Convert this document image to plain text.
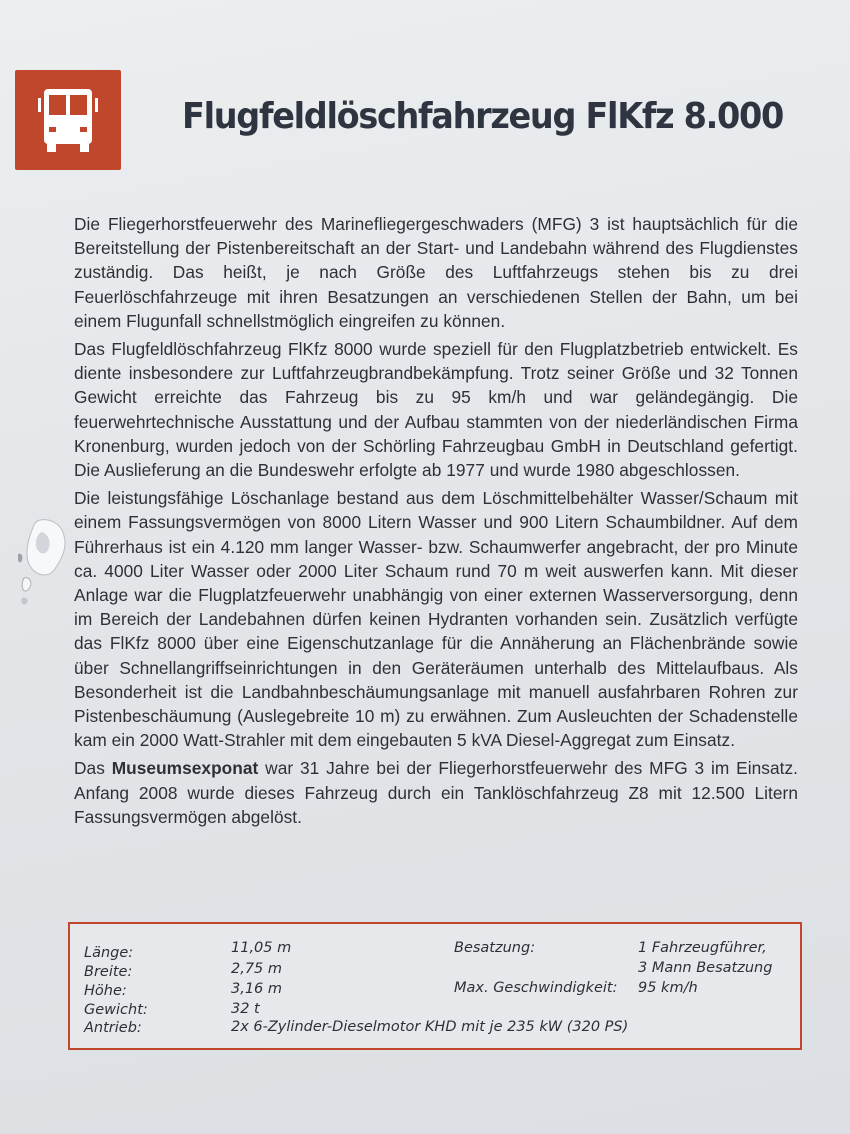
Flugfeldlöschfahrzeug FlKfz 8.000

Die Fliegerhorstfeuerwehr des Marinefliegergeschwaders (MFG) 3 ist hauptsächlich für die Bereitstellung der Pistenbereitschaft an der Start- und Landebahn während des Flugdienstes zuständig. Das heißt, je nach Größe des Luftfahrzeugs stehen bis zu drei Feuerlöschfahrzeuge mit ihren Besatzungen an verschiedenen Stellen der Bahn, um bei einem Flugunfall schnellstmöglich eingreifen zu können.

Das Flugfeldlöschfahrzeug FlKfz 8000 wurde speziell für den Flugplatzbetrieb entwickelt. Es diente insbesondere zur Luftfahrzeugbrandbekämpfung. Trotz seiner Größe und 32 Tonnen Gewicht erreichte das Fahrzeug bis zu 95 km/h und war geländegängig. Die feuerwehrtechnische Ausstattung und der Aufbau stammten von der niederländischen Firma Kronenburg, wurden jedoch von der Schörling Fahrzeugbau GmbH in Deutschland gefertigt. Die Auslieferung an die Bundeswehr erfolgte ab 1977 und wurde 1980 abgeschlossen.

Die leistungsfähige Löschanlage bestand aus dem Löschmittelbehälter Wasser/Schaum mit einem Fassungsvermögen von 8000 Litern Wasser und 900 Litern Schaumbildner. Auf dem Führerhaus ist ein 4.120 mm langer Wasser- bzw. Schaumwerfer angebracht, der pro Minute ca. 4000 Liter Wasser oder 2000 Liter Schaum rund 70 m weit auswerfen kann. Mit dieser Anlage war die Flugplatzfeuerwehr unabhängig von einer externen Wasserversorgung, denn im Bereich der Landebahnen dürfen keinen Hydranten vorhanden sein. Zusätzlich verfügte das FlKfz 8000 über eine Eigenschutzanlage für die Annäherung an Flächenbrände sowie über Schnellangriffseinrichtungen in den Geräteräumen unterhalb des Mittelaufbaus. Als Besonderheit ist die Landbahnbeschäumungsanlage mit manuell ausfahrbaren Rohren zur Pistenbeschäumung (Auslegebreite 10 m) zu erwähnen. Zum Ausleuchten der Schadenstelle kam ein 2000 Watt-Strahler mit dem eingebauten 5 kVA Diesel-Aggregat zum Einsatz.

Das Museumsexponat war 31 Jahre bei der Fliegerhorstfeuerwehr des MFG 3 im Einsatz. Anfang 2008 wurde dieses Fahrzeug durch ein Tanklöschfahrzeug Z8 mit 12.500 Litern Fassungsvermögen abgelöst.

Länge:	11,05 m
Breite:	2,75 m
Höhe:	3,16 m
Gewicht:	32 t
Antrieb:	2x 6-Zylinder-Dieselmotor KHD mit je 235 kW (320 PS)
Besatzung:	1 Fahrzeugführer,
3 Mann Besatzung
Max. Geschwindigkeit: 95 km/h
